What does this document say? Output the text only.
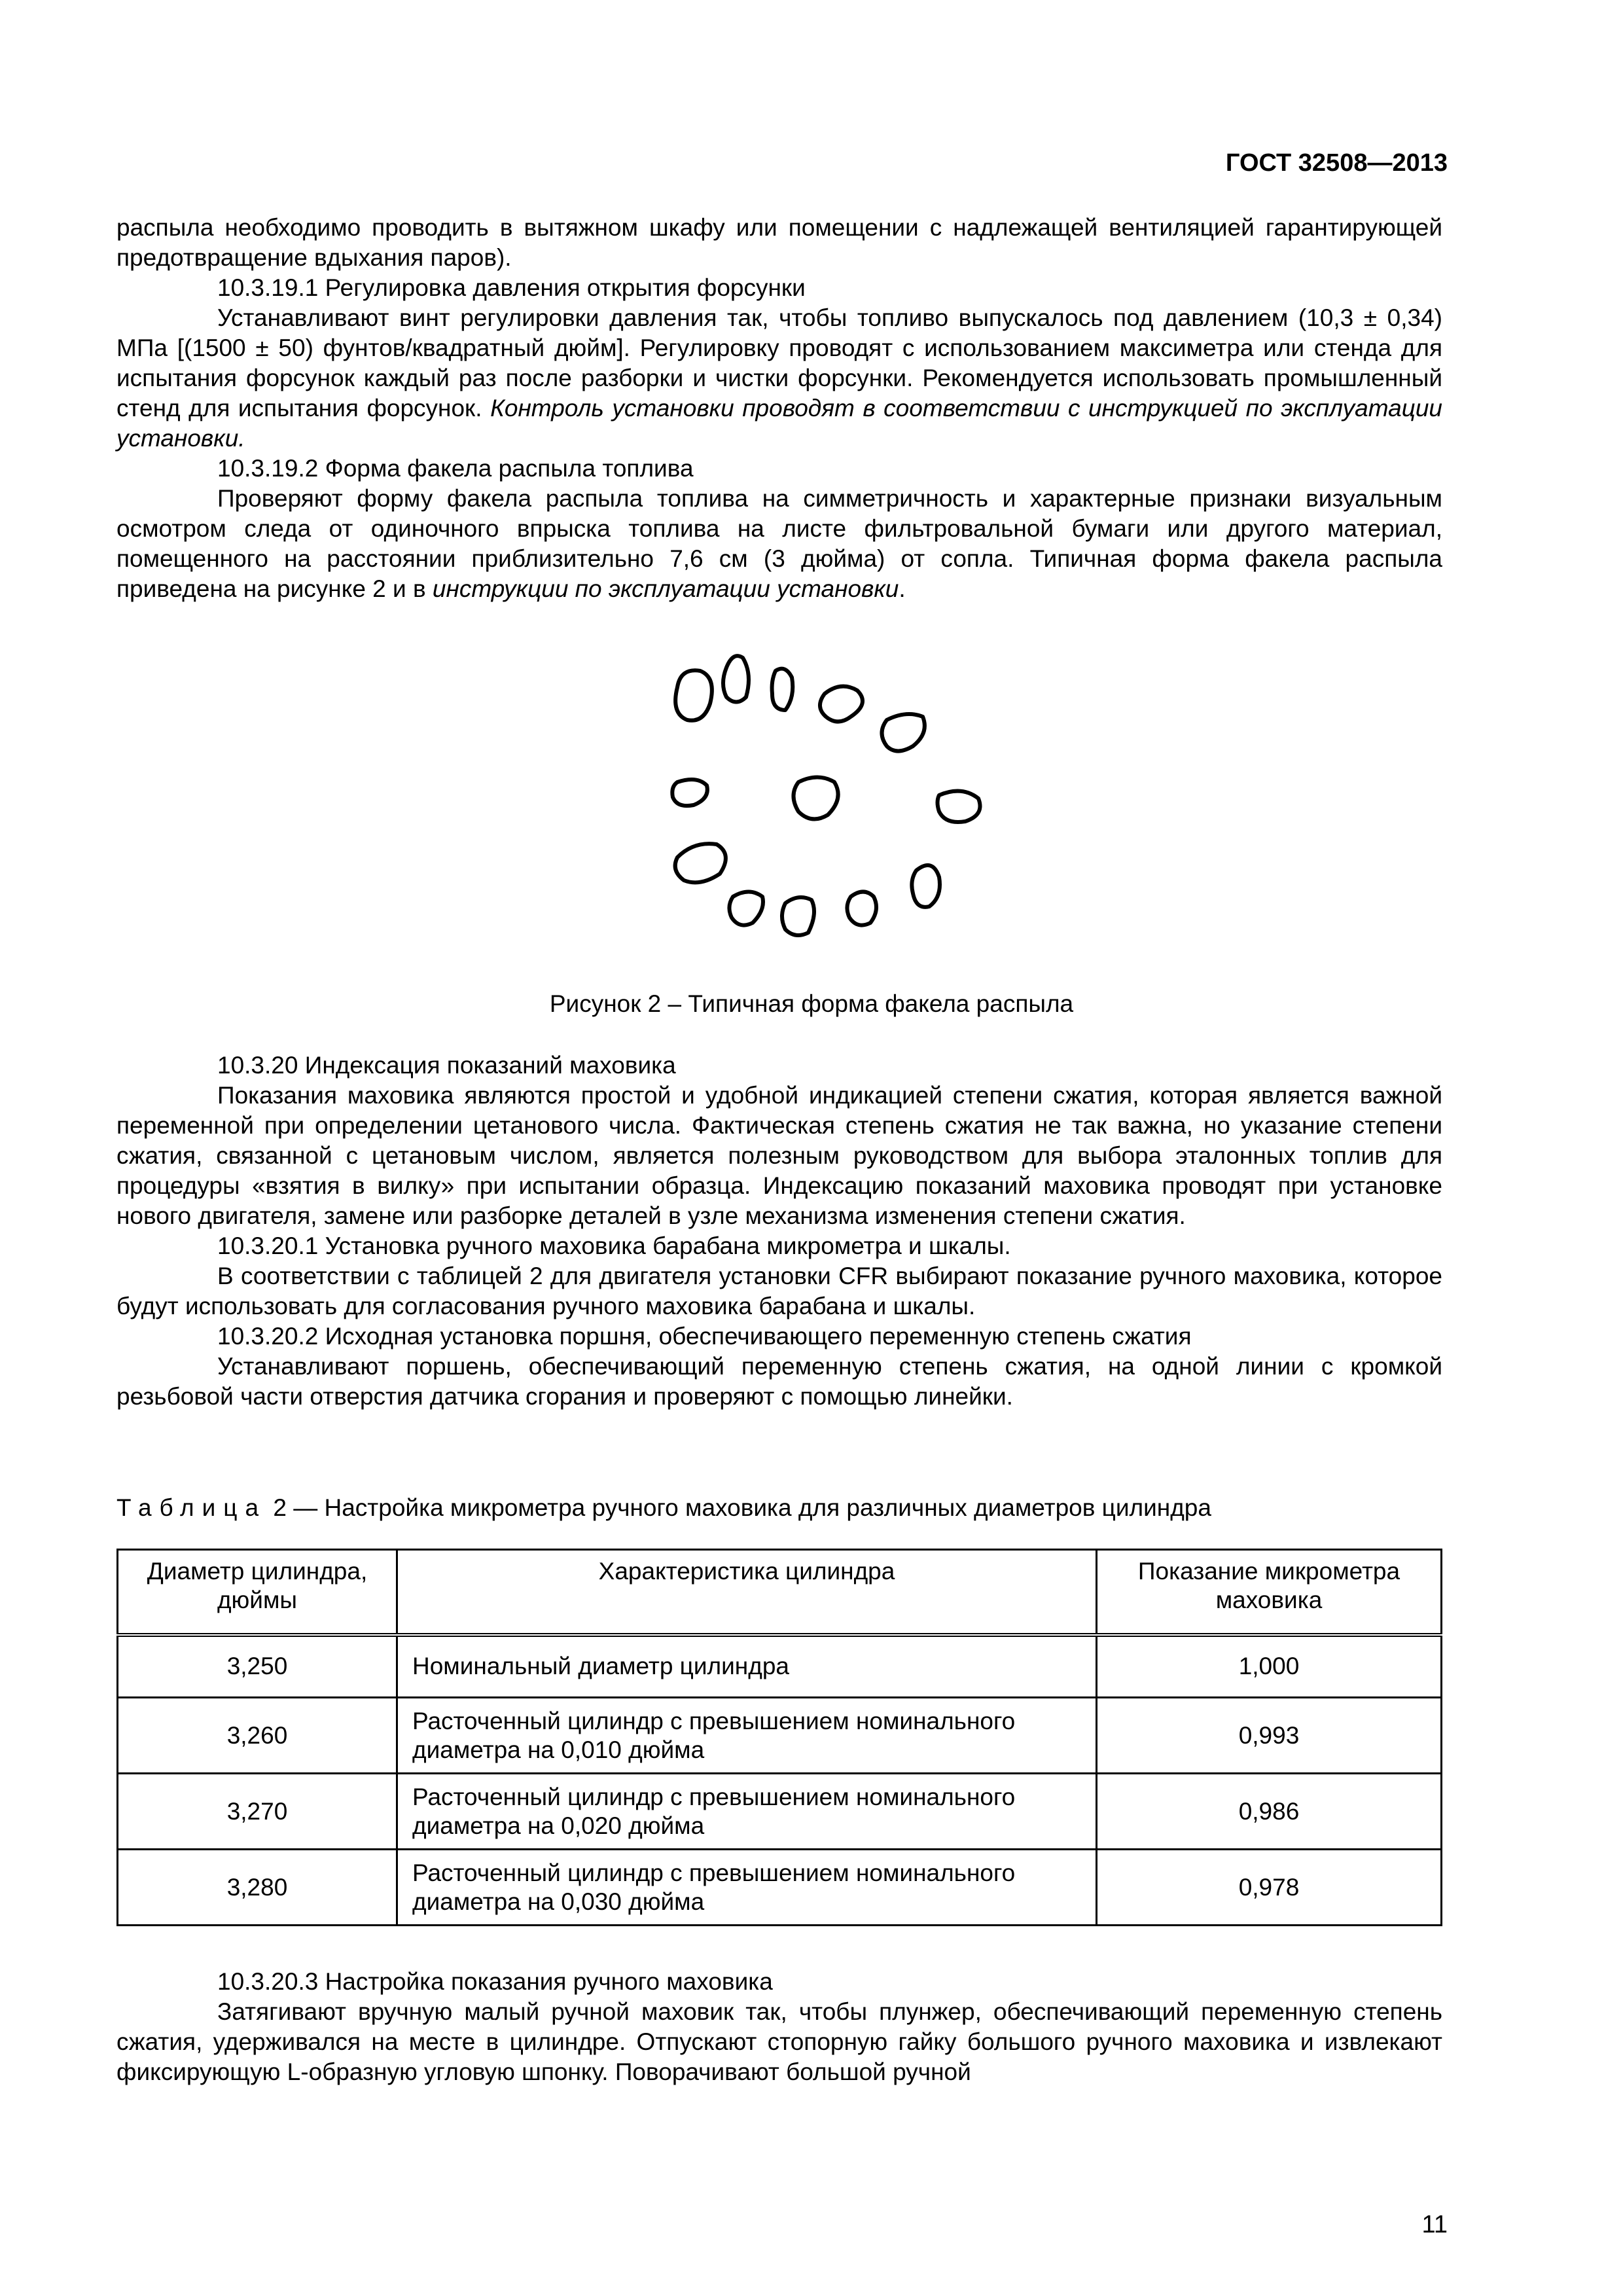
ГОСТ 32508—2013

распыла необходимо проводить в вытяжном шкафу или помещении с надлежащей вентиляцией гарантирующей предотвращение вдыхания паров).

10.3.19.1 Регулировка давления открытия форсунки

Устанавливают винт регулировки давления так, чтобы топливо выпускалось под давлением (10,3 ± 0,34) МПа [(1500 ± 50) фунтов/квадратный дюйм]. Регулировку проводят с использованием максиметра или стенда для испытания форсунок каждый раз после разборки и чистки форсунки. Рекомендуется использовать промышленный стенд для испытания форсунок. Контроль установки проводят в соответствии с инструкцией по эксплуатации установки.

10.3.19.2 Форма факела распыла топлива

Проверяют форму факела распыла топлива на симметричность и характерные признаки визуальным осмотром следа от одиночного впрыска топлива на листе фильтровальной бумаги или другого материал, помещенного на расстоянии приблизительно 7,6 см (3 дюйма) от сопла. Типичная форма факела распыла приведена на рисунке 2 и в инструкции по эксплуатации установки.

Рисунок 2 – Типичная форма факела распыла

10.3.20 Индексация показаний маховика

Показания маховика являются простой и удобной индикацией степени сжатия, которая является важной переменной при определении цетанового числа. Фактическая степень сжатия не так важна, но указание степени сжатия, связанной с цетановым числом, является полезным руководством для выбора эталонных топлив для процедуры «взятия в вилку» при испытании образца. Индексацию показаний маховика проводят при установке нового двигателя, замене или разборке деталей в узле механизма изменения степени сжатия.

10.3.20.1 Установка ручного маховика барабана микрометра и шкалы.

В соответствии с таблицей 2 для двигателя установки CFR выбирают показание ручного маховика, которое будут использовать для согласования ручного маховика барабана и шкалы.

10.3.20.2 Исходная установка поршня, обеспечивающего переменную степень сжатия

Устанавливают поршень, обеспечивающий переменную степень сжатия, на одной линии с кромкой резьбовой части отверстия датчика сгорания и проверяют с помощью линейки.

Таблица 2 — Настройка микрометра ручного маховика для различных диаметров цилиндра
Диаметр цилиндра, дюймы	Характеристика цилиндра	Показание микрометра маховика
3,250	Номинальный диаметр цилиндра	1,000
3,260	Расточенный цилиндр с превышением номинального диаметра на 0,010 дюйма	0,993
3,270	Расточенный цилиндр с превышением номинального диаметра на 0,020 дюйма	0,986
3,280	Расточенный цилиндр с превышением номинального диаметра на 0,030 дюйма	0,978

10.3.20.3 Настройка показания ручного маховика

Затягивают вручную малый ручной маховик так, чтобы плунжер, обеспечивающий переменную степень сжатия, удерживался на месте в цилиндре. Отпускают стопорную гайку большого ручного маховика и извлекают фиксирующую L-образную угловую шпонку. Поворачивают большой ручной

11
